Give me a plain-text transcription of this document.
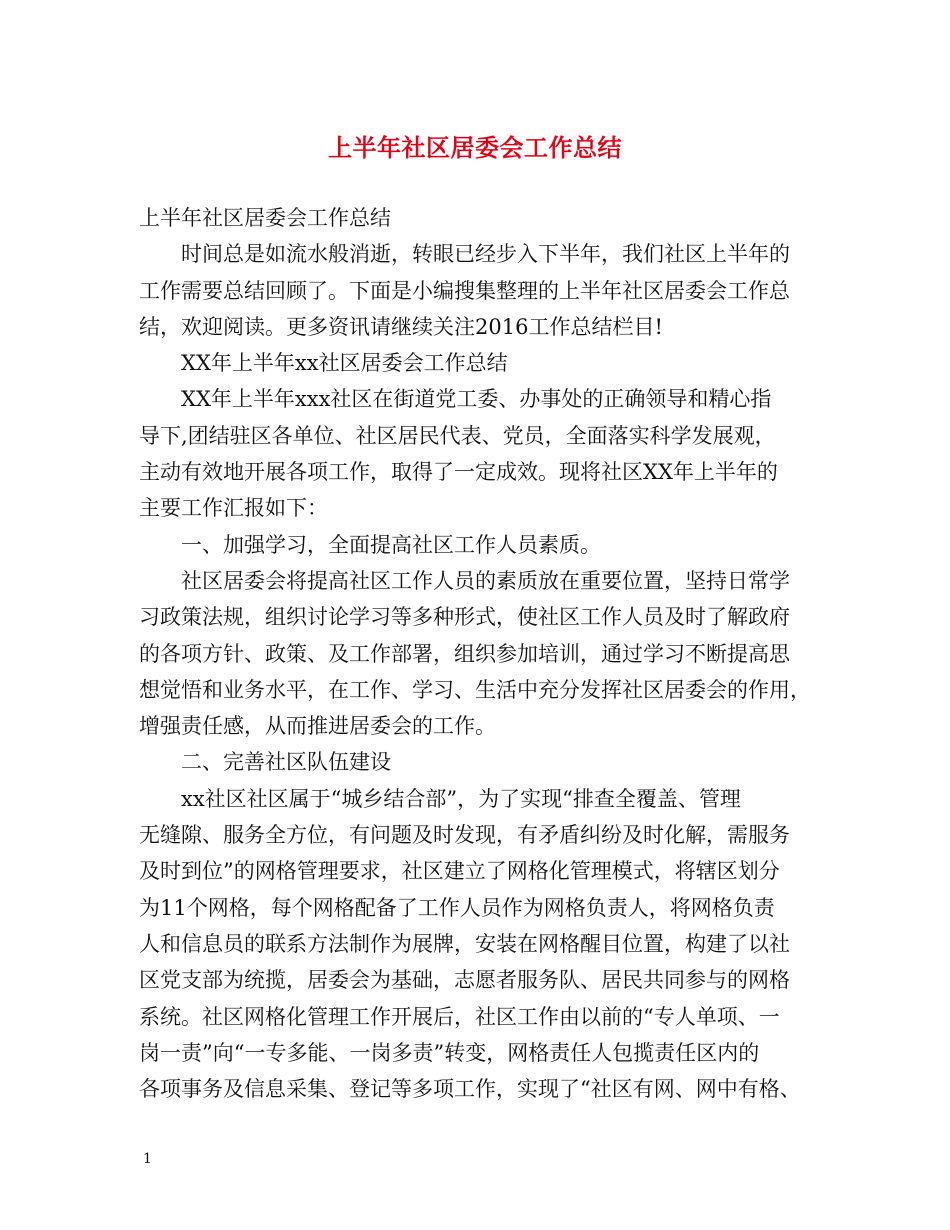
上半年社区居委会工作总结
上半年社区居委会工作总结
时间总是如流水般消逝，转眼已经步入下半年，我们社区上半年的
工作需要总结回顾了。下面是小编搜集整理的上半年社区居委会工作总
结，欢迎阅读。更多资讯请继续关注2016工作总结栏目!
XX年上半年xx社区居委会工作总结
XX年上半年xxx社区在街道党工委、办事处的正确领导和精心指
导下,团结驻区各单位、社区居民代表、党员，全面落实科学发展观，
主动有效地开展各项工作，取得了一定成效。现将社区XX年上半年的
主要工作汇报如下：
一、加强学习，全面提高社区工作人员素质。
社区居委会将提高社区工作人员的素质放在重要位置，坚持日常学
习政策法规，组织讨论学习等多种形式，使社区工作人员及时了解政府
的各项方针、政策、及工作部署，组织参加培训，通过学习不断提高思
想觉悟和业务水平，在工作、学习、生活中充分发挥社区居委会的作用，
增强责任感，从而推进居委会的工作。
二、完善社区队伍建设
xx社区社区属于“城乡结合部”，为了实现“排查全覆盖、管理
无缝隙、服务全方位，有问题及时发现，有矛盾纠纷及时化解，需服务
及时到位”的网格管理要求，社区建立了网格化管理模式，将辖区划分
为11个网格，每个网格配备了工作人员作为网格负责人，将网格负责
人和信息员的联系方法制作为展牌，安装在网格醒目位置，构建了以社
区党支部为统揽，居委会为基础，志愿者服务队、居民共同参与的网格
系统。社区网格化管理工作开展后，社区工作由以前的“专人单项、一
岗一责”向“一专多能、一岗多责”转变，网格责任人包揽责任区内的
各项事务及信息采集、登记等多项工作，实现了“社区有网、网中有格、
1
